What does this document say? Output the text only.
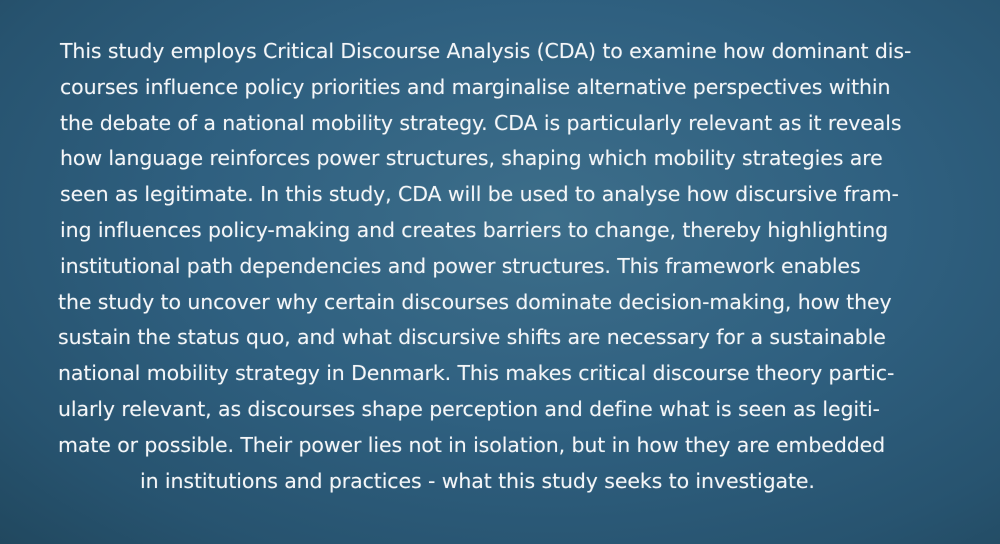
This study employs Critical Discourse Analysis (CDA) to examine how dominant dis-
courses influence policy priorities and marginalise alternative perspectives within
the debate of a national mobility strategy. CDA is particularly relevant as it reveals
how language reinforces power structures, shaping which mobility strategies are
seen as legitimate. In this study, CDA will be used to analyse how discursive fram-
ing influences policy-making and creates barriers to change, thereby highlighting
institutional path dependencies and power structures. This framework enables
the study to uncover why certain discourses dominate decision-making, how they
sustain the status quo, and what discursive shifts are necessary for a sustainable
national mobility strategy in Denmark. This makes critical discourse theory partic-
ularly relevant, as discourses shape perception and define what is seen as legiti-
mate or possible. Their power lies not in isolation, but in how they are embedded
in institutions and practices - what this study seeks to investigate.
